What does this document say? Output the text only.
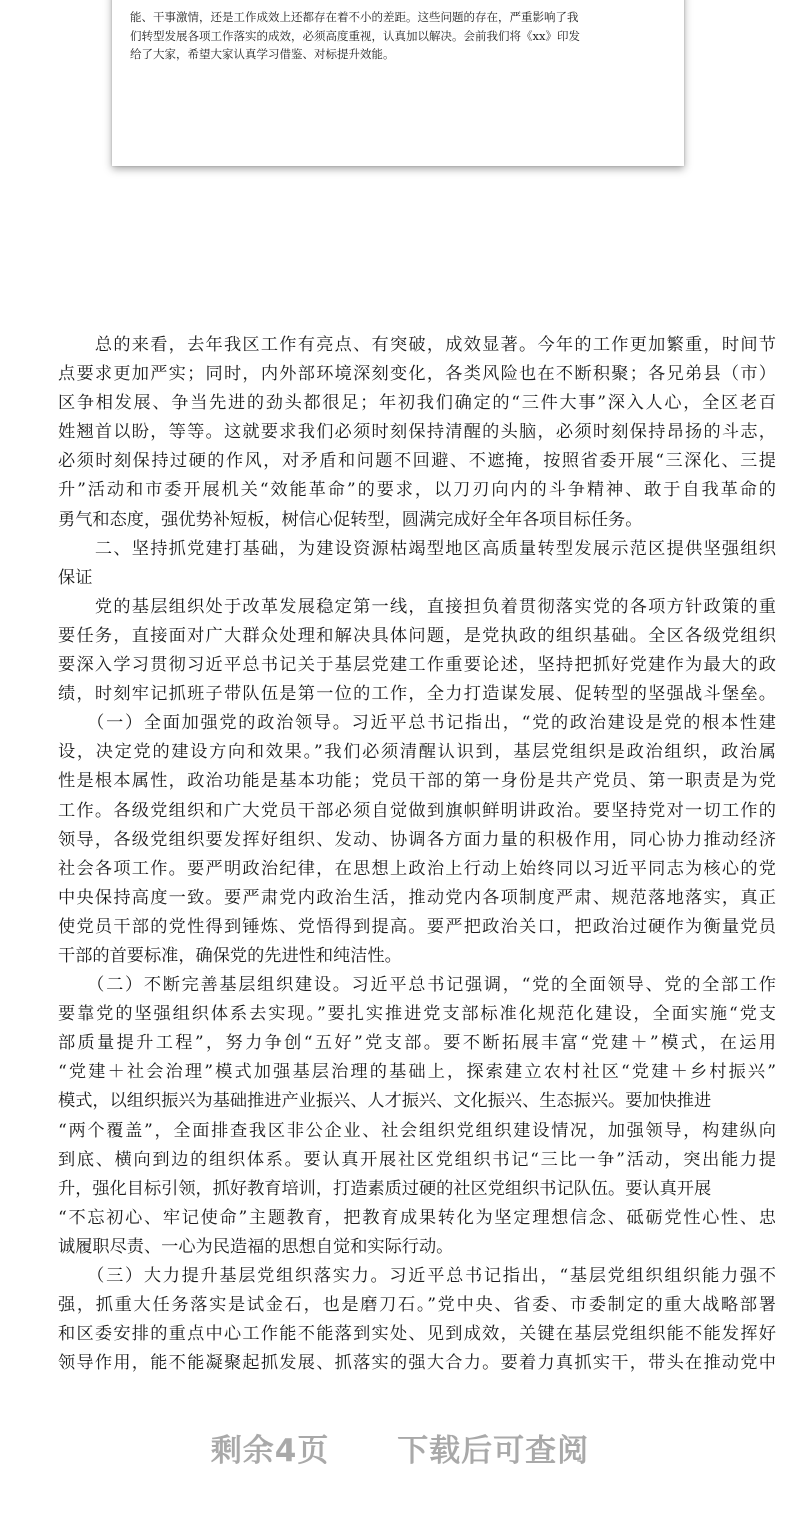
能、干事激情，还是工作成效上还都存在着不小的差距。这些问题的存在，严重影响了我
们转型发展各项工作落实的成效，必须高度重视，认真加以解决。会前我们将《xx》印发
给了大家，希望大家认真学习借鉴、对标提升效能。
　　总的来看，去年我区工作有亮点、有突破，成效显著。今年的工作更加繁重，时间节
点要求更加严实；同时，内外部环境深刻变化，各类风险也在不断积聚；各兄弟县（市）
区争相发展、争当先进的劲头都很足；年初我们确定的“三件大事”深入人心，全区老百
姓翘首以盼，等等。这就要求我们必须时刻保持清醒的头脑，必须时刻保持昂扬的斗志，
必须时刻保持过硬的作风，对矛盾和问题不回避、不遮掩，按照省委开展“三深化、三提
升”活动和市委开展机关“效能革命”的要求，以刀刃向内的斗争精神、敢于自我革命的
勇气和态度，强优势补短板，树信心促转型，圆满完成好全年各项目标任务。
　　二、坚持抓党建打基础，为建设资源枯竭型地区高质量转型发展示范区提供坚强组织
保证
　　党的基层组织处于改革发展稳定第一线，直接担负着贯彻落实党的各项方针政策的重
要任务，直接面对广大群众处理和解决具体问题，是党执政的组织基础。全区各级党组织
要深入学习贯彻习近平总书记关于基层党建工作重要论述，坚持把抓好党建作为最大的政
绩，时刻牢记抓班子带队伍是第一位的工作，全力打造谋发展、促转型的坚强战斗堡垒。
　　（一）全面加强党的政治领导。习近平总书记指出，“党的政治建设是党的根本性建
设，决定党的建设方向和效果。”我们必须清醒认识到，基层党组织是政治组织，政治属
性是根本属性，政治功能是基本功能；党员干部的第一身份是共产党员、第一职责是为党
工作。各级党组织和广大党员干部必须自觉做到旗帜鲜明讲政治。要坚持党对一切工作的
领导，各级党组织要发挥好组织、发动、协调各方面力量的积极作用，同心协力推动经济
社会各项工作。要严明政治纪律，在思想上政治上行动上始终同以习近平同志为核心的党
中央保持高度一致。要严肃党内政治生活，推动党内各项制度严肃、规范落地落实，真正
使党员干部的党性得到锤炼、党悟得到提高。要严把政治关口，把政治过硬作为衡量党员
干部的首要标准，确保党的先进性和纯洁性。
　　（二）不断完善基层组织建设。习近平总书记强调，“党的全面领导、党的全部工作
要靠党的坚强组织体系去实现。”要扎实推进党支部标准化规范化建设，全面实施“党支
部质量提升工程”，努力争创“五好”党支部。要不断拓展丰富“党建＋”模式，在运用
“党建＋社会治理”模式加强基层治理的基础上，探索建立农村社区“党建＋乡村振兴”
模式，以组织振兴为基础推进产业振兴、人才振兴、文化振兴、生态振兴。要加快推进
“两个覆盖”，全面排查我区非公企业、社会组织党组织建设情况，加强领导，构建纵向
到底、横向到边的组织体系。要认真开展社区党组织书记“三比一争”活动，突出能力提
升，强化目标引领，抓好教育培训，打造素质过硬的社区党组织书记队伍。要认真开展
“不忘初心、牢记使命”主题教育，把教育成果转化为坚定理想信念、砥砺党性心性、忠
诚履职尽责、一心为民造福的思想自觉和实际行动。
　　（三）大力提升基层党组织落实力。习近平总书记指出，“基层党组织组织能力强不
强，抓重大任务落实是试金石，也是磨刀石。”党中央、省委、市委制定的重大战略部署
和区委安排的重点中心工作能不能落到实处、见到成效，关键在基层党组织能不能发挥好
领导作用，能不能凝聚起抓发展、抓落实的强大合力。要着力真抓实干，带头在推动党中
剩余4页 下载后可查阅
